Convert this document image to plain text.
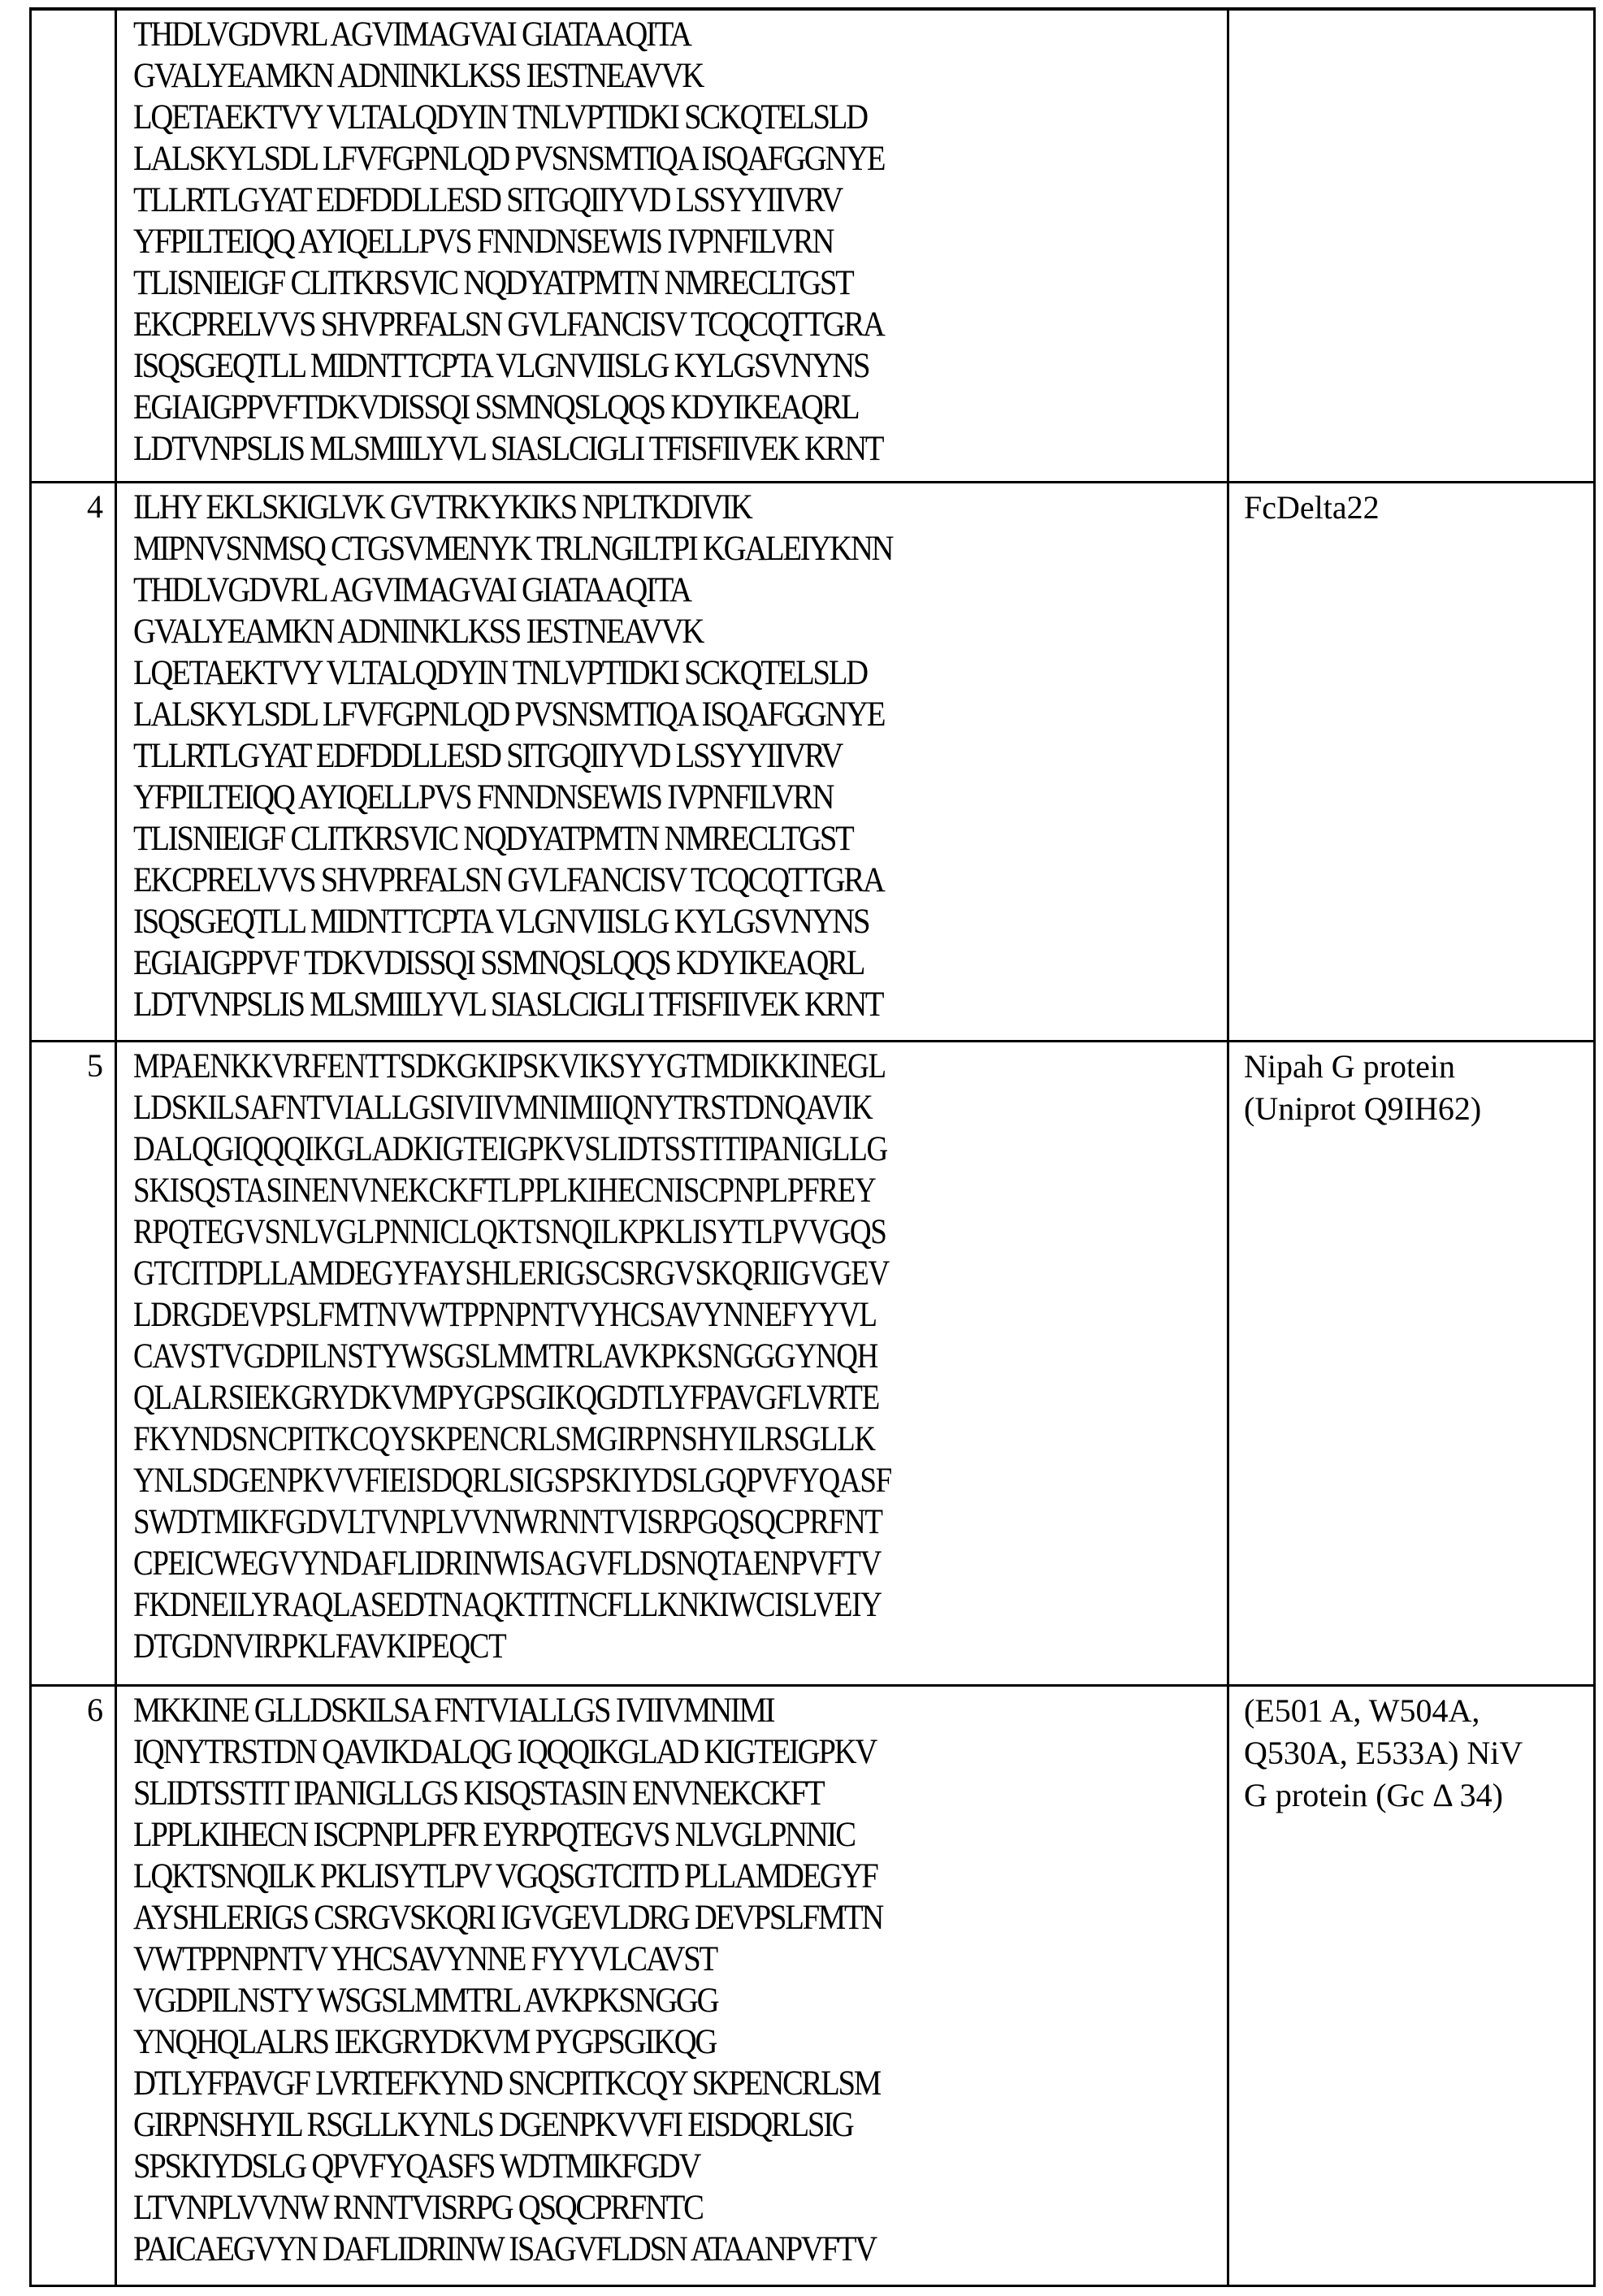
THDLVGDVRL AGVIMAGVAI GIATAAQITA
GVALYEAMKN ADNINKLKSS IESTNEAVVK
LQETAEKTVY VLTALQDYIN TNLVPTIDKI SCKQTELSLD
LALSKYLSDL LFVFGPNLQD PVSNSMTIQA ISQAFGGNYE
TLLRTLGYAT EDFDDLLESD SITGQIIYVD LSSYYIIVRV
YFPILTEIQQ AYIQELLPVS FNNDNSEWIS IVPNFILVRN
TLISNIEIGF CLITKRSVIC NQDYATPMTN NMRECLTGST
EKCPRELVVS SHVPRFALSN GVLFANCISV TCQCQTTGRA
ISQSGEQTLL MIDNTTCPTA VLGNVIISLG KYLGSVNYNS
EGIAIGPPVFTDKVDISSQI SSMNQSLQQS KDYIKEAQRL
LDTVNPSLIS MLSMIILYVL SIASLCIGLI TFISFIIVEK KRNT

4	ILHY EKLSKIGLVK GVTRKYKIKS NPLTKDIVIK
MIPNVSNMSQ CTGSVMENYK TRLNGILTPI KGALEIYKNN
THDLVGDVRL AGVIMAGVAI GIATAAQITA
GVALYEAMKN ADNINKLKSS IESTNEAVVK
LQETAEKTVY VLTALQDYIN TNLVPTIDKI SCKQTELSLD
LALSKYLSDL LFVFGPNLQD PVSNSMTIQA ISQAFGGNYE
TLLRTLGYAT EDFDDLLESD SITGQIIYVD LSSYYIIVRV
YFPILTEIQQ AYIQELLPVS FNNDNSEWIS IVPNFILVRN
TLISNIEIGF CLITKRSVIC NQDYATPMTN NMRECLTGST
EKCPRELVVS SHVPRFALSN GVLFANCISV TCQCQTTGRA
ISQSGEQTLL MIDNTTCPTA VLGNVIISLG KYLGSVNYNS
EGIAIGPPVF TDKVDISSQI SSMNQSLQQS KDYIKEAQRL
LDTVNPSLIS MLSMIILYVL SIASLCIGLI TFISFIIVEK KRNT

FcDelta22

5	MPAENKKVRFENTTSDKGKIPSKVIKSYYGTMDIKKINEGL
LDSKILSAFNTVIALLGSIVIIVMNIMIIQNYTRSTDNQAVIK
DALQGIQQQIKGLADKIGTEIGPKVSLIDTSSTITIPANIGLLG
SKISQSTASINENVNEKCKFTLPPLKIHECNISCPNPLPFREY
RPQTEGVSNLVGLPNNICLQKTSNQILKPKLISYTLPVVGQS
GTCITDPLLAMDEGYFAYSHLERIGSCSRGVSKQRIIGVGEV
LDRGDEVPSLFMTNVWTPPNPNTVYHCSAVYNNEFYYVL
CAVSTVGDPILNSTYWSGSLMMTRLAVKPKSNGGGYNQH
QLALRSIEKGRYDKVMPYGPSGIKQGDTLYFPAVGFLVRTE
FKYNDSNCPITKCQYSKPENCRLSMGIRPNSHYILRSGLLK
YNLSDGENPKVVFIEISDQRLSIGSPSKIYDSLGQPVFYQASF
SWDTMIKFGDVLTVNPLVVNWRNNTVISRPGQSQCPRFNT
CPEICWEGVYNDAFLIDRINWISAGVFLDSNQTAENPVFTV
FKDNEILYRAQLASEDTNAQKTITNCFLLKNKIWCISLVEIY
DTGDNVIRPKLFAVKIPEQCT

Nipah G protein
(Uniprot Q9IH62)

6	MKKINE GLLDSKILSA FNTVIALLGS IVIIVMNIMI
IQNYTRSTDN QAVIKDALQG IQQQIKGLAD KIGTEIGPKV
SLIDTSSTIT IPANIGLLGS KISQSTASIN ENVNEKCKFT
LPPLKIHECN ISCPNPLPFR EYRPQTEGVS NLVGLPNNIC
LQKTSNQILK PKLISYTLPV VGQSGTCITD PLLAMDEGYF
AYSHLERIGS CSRGVSKQRI IGVGEVLDRG DEVPSLFMTN
VWTPPNPNTV YHCSAVYNNE FYYVLCAVST
VGDPILNSTY WSGSLMMTRL AVKPKSNGGG
YNQHQLALRS IEKGRYDKVM PYGPSGIKQG
DTLYFPAVGF LVRTEFKYND SNCPITKCQY SKPENCRLSM
GIRPNSHYIL RSGLLKYNLS DGENPKVVFI EISDQRLSIG
SPSKIYDSLG QPVFYQASFS WDTMIKFGDV
LTVNPLVVNW RNNTVISRPG QSQCPRFNTC
PAICAEGVYN DAFLIDRINW ISAGVFLDSN ATAANPVFTV

(E501 A, W504A,
Q530A, E533A) NiV
G protein (Gc Δ 34)
